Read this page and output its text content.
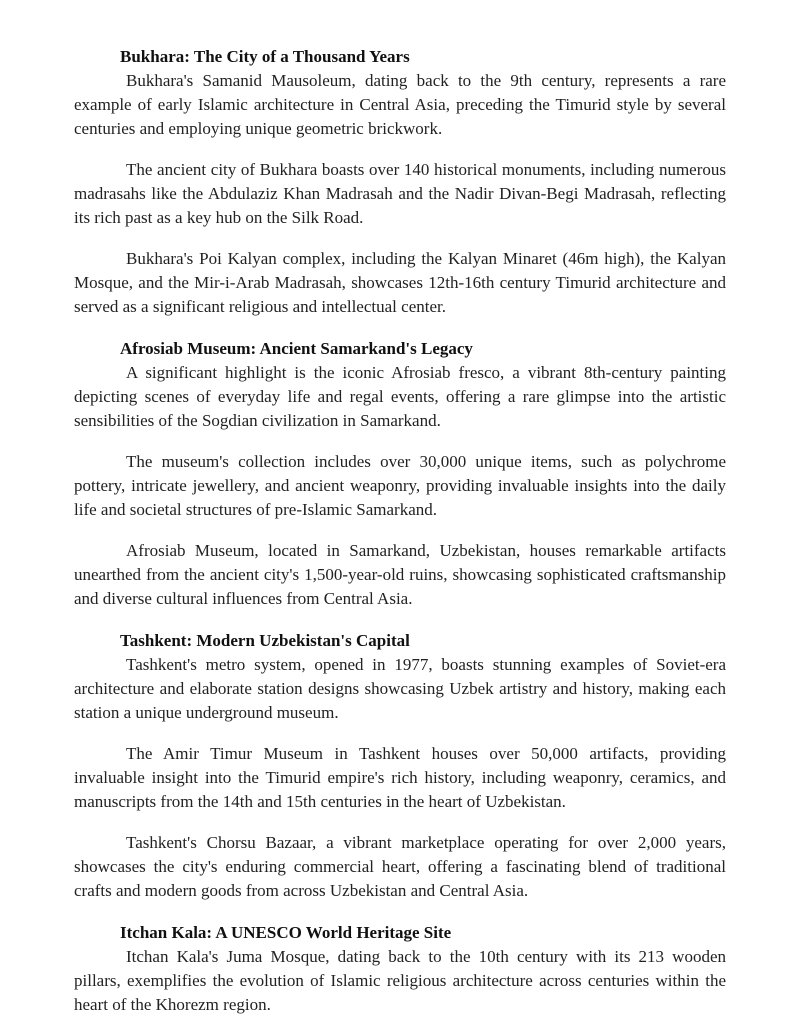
Bukhara: The City of a Thousand Years

Bukhara's Samanid Mausoleum, dating back to the 9th century, represents a rare example of early Islamic architecture in Central Asia, preceding the Timurid style by several centuries and employing unique geometric brickwork.

The ancient city of Bukhara boasts over 140 historical monuments, including numerous madrasahs like the Abdulaziz Khan Madrasah and the Nadir Divan-Begi Madrasah, reflecting its rich past as a key hub on the Silk Road.

Bukhara's Poi Kalyan complex, including the Kalyan Minaret (46m high), the Kalyan Mosque, and the Mir-i-Arab Madrasah, showcases 12th-16th century Timurid architecture and served as a significant religious and intellectual center.

Afrosiab Museum: Ancient Samarkand's Legacy

A significant highlight is the iconic Afrosiab fresco, a vibrant 8th-century painting depicting scenes of everyday life and regal events, offering a rare glimpse into the artistic sensibilities of the Sogdian civilization in Samarkand.

The museum's collection includes over 30,000 unique items, such as polychrome pottery, intricate jewellery, and ancient weaponry, providing invaluable insights into the daily life and societal structures of pre-Islamic Samarkand.

Afrosiab Museum, located in Samarkand, Uzbekistan, houses remarkable artifacts unearthed from the ancient city's 1,500-year-old ruins, showcasing sophisticated craftsmanship and diverse cultural influences from Central Asia.

Tashkent: Modern Uzbekistan's Capital

Tashkent's metro system, opened in 1977, boasts stunning examples of Soviet-era architecture and elaborate station designs showcasing Uzbek artistry and history, making each station a unique underground museum.

The Amir Timur Museum in Tashkent houses over 50,000 artifacts, providing invaluable insight into the Timurid empire's rich history, including weaponry, ceramics, and manuscripts from the 14th and 15th centuries in the heart of Uzbekistan.

Tashkent's Chorsu Bazaar, a vibrant marketplace operating for over 2,000 years, showcases the city's enduring commercial heart, offering a fascinating blend of traditional crafts and modern goods from across Uzbekistan and Central Asia.

Itchan Kala: A UNESCO World Heritage Site

Itchan Kala's Juma Mosque, dating back to the 10th century with its 213 wooden pillars, exemplifies the evolution of Islamic religious architecture across centuries within the heart of the Khorezm region.
